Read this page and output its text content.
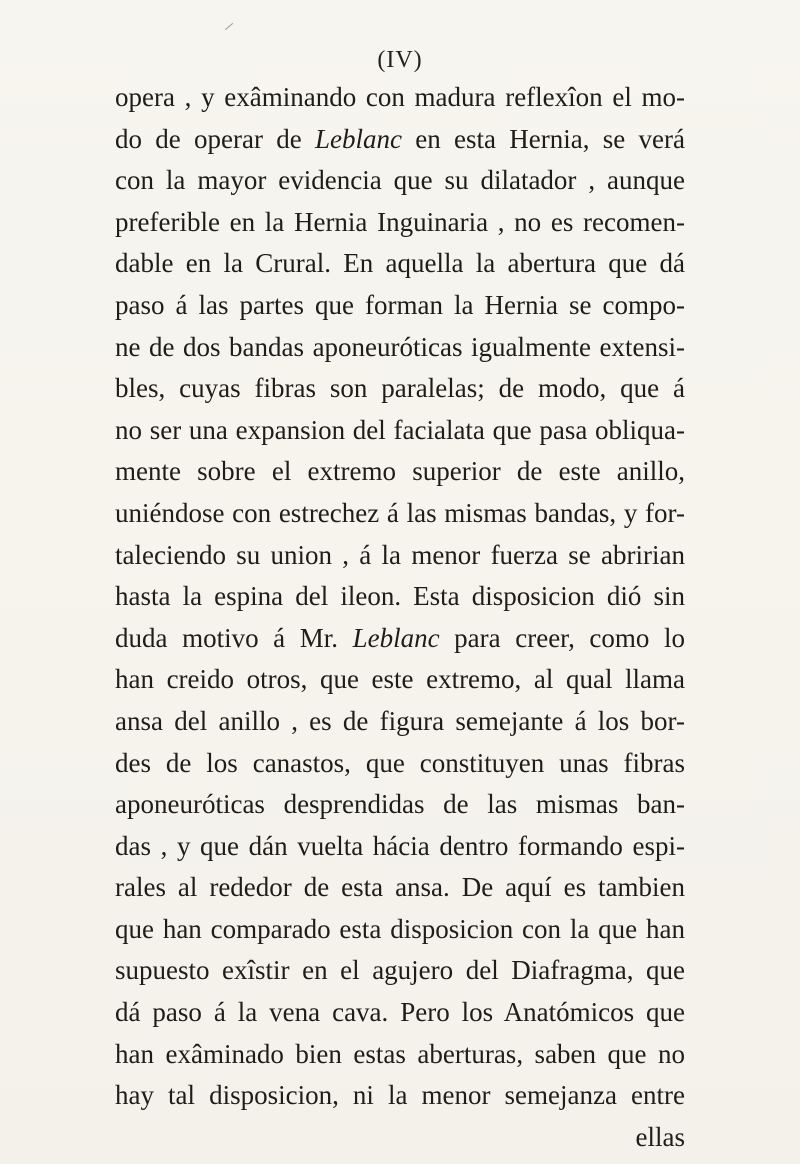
(IV)
opera , y exâminando con madura reflexîon el mo-
do de operar de Leblanc en esta Hernia, se verá
con la mayor evidencia que su dilatador , aunque
preferible en la Hernia Inguinaria , no es recomen-
dable en la Crural. En aquella la abertura que dá
paso á las partes que forman la Hernia se compo-
ne de dos bandas aponeuróticas igualmente extensi-
bles, cuyas fibras son paralelas; de modo, que á
no ser una expansion del facialata que pasa obliqua-
mente sobre el extremo superior de este anillo,
uniéndose con estrechez á las mismas bandas, y for-
taleciendo su union , á la menor fuerza se abririan
hasta la espina del ileon. Esta disposicion dió sin
duda motivo á Mr. Leblanc para creer, como lo
han creido otros, que este extremo, al qual llama
ansa del anillo , es de figura semejante á los bor-
des de los canastos, que constituyen unas fibras
aponeuróticas desprendidas de las mismas ban-
das , y que dán vuelta hácia dentro formando espi-
rales al rededor de esta ansa. De aquí es tambien
que han comparado esta disposicion con la que han
supuesto exîstir en el agujero del Diafragma, que
dá paso á la vena cava. Pero los Anatómicos que
han exâminado bien estas aberturas, saben que no
hay tal disposicion, ni la menor semejanza entre
ellas
